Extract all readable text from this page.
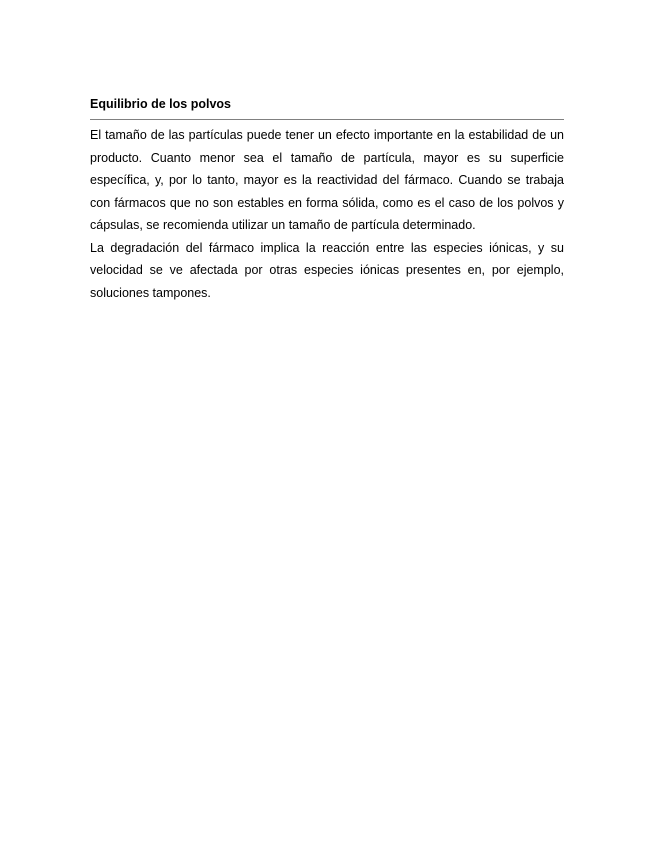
Equilibrio de los polvos

El tamaño de las partículas puede tener un efecto importante en la estabilidad de un producto. Cuanto menor sea el tamaño de partícula, mayor es su superficie específica, y, por lo tanto, mayor es la reactividad del fármaco. Cuando se trabaja con fármacos que no son estables en forma sólida, como es el caso de los polvos y cápsulas, se recomienda utilizar un tamaño de partícula determinado.

La degradación del fármaco implica la reacción entre las especies iónicas, y su velocidad se ve afectada por otras especies iónicas presentes en, por ejemplo, soluciones tampones.
